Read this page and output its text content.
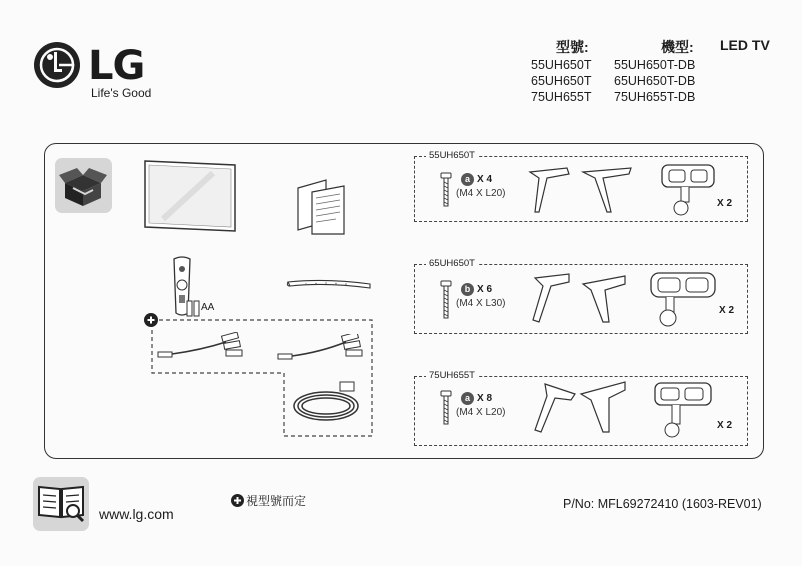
LG
Life's Good
型號:	機型: LED TV
55UH650T
65UH650T
75UH655T
55UH650T-DB
65UH650T-DB
75UH655T-DB
AA
55UH650T
a X 4
(M4 X L20)
X 2
65UH650T
b X 6
(M4 X L30)
X 2
75UH655T
a X 8
(M4 X L20)
X 2
www.lg.com
視型號而定	P/No: MFL69272410 (1603-REV01)
